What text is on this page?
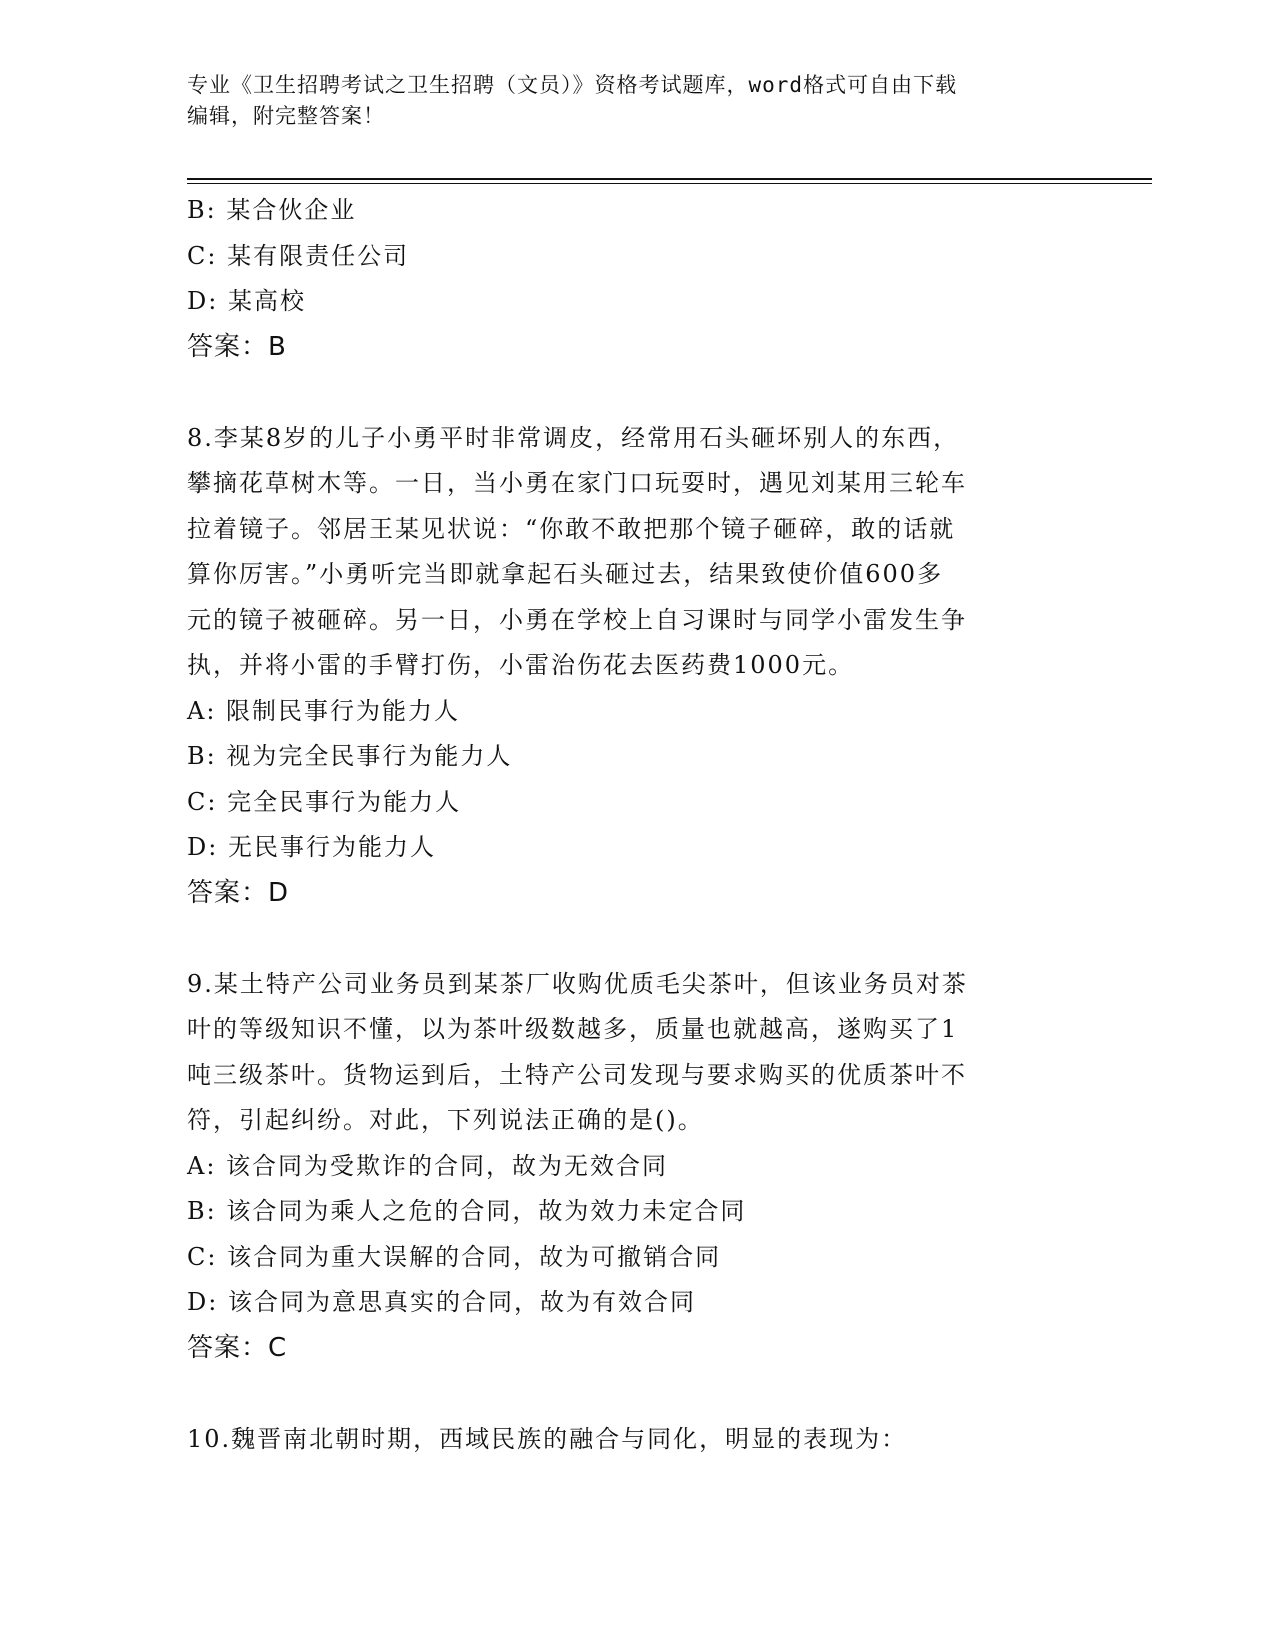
专业《卫生招聘考试之卫生招聘（文员）》资格考试题库，word格式可自由下载
编辑，附完整答案！
B: 某合伙企业
C: 某有限责任公司
D: 某高校
答案：B
8.李某8岁的儿子小勇平时非常调皮，经常用石头砸坏别人的东西，
攀摘花草树木等。一日，当小勇在家门口玩耍时，遇见刘某用三轮车
拉着镜子。邻居王某见状说：“你敢不敢把那个镜子砸碎，敢的话就
算你厉害。”小勇听完当即就拿起石头砸过去，结果致使价值600多
元的镜子被砸碎。另一日，小勇在学校上自习课时与同学小雷发生争
执，并将小雷的手臂打伤，小雷治伤花去医药费1000元。
A: 限制民事行为能力人
B: 视为完全民事行为能力人
C: 完全民事行为能力人
D: 无民事行为能力人
答案：D
9.某土特产公司业务员到某茶厂收购优质毛尖茶叶，但该业务员对茶
叶的等级知识不懂，以为茶叶级数越多，质量也就越高，遂购买了1
吨三级茶叶。货物运到后，土特产公司发现与要求购买的优质茶叶不
符，引起纠纷。对此，下列说法正确的是()。
A: 该合同为受欺诈的合同，故为无效合同
B: 该合同为乘人之危的合同，故为效力未定合同
C: 该合同为重大误解的合同，故为可撤销合同
D: 该合同为意思真实的合同，故为有效合同
答案：C
10.魏晋南北朝时期，西域民族的融合与同化，明显的表现为：
